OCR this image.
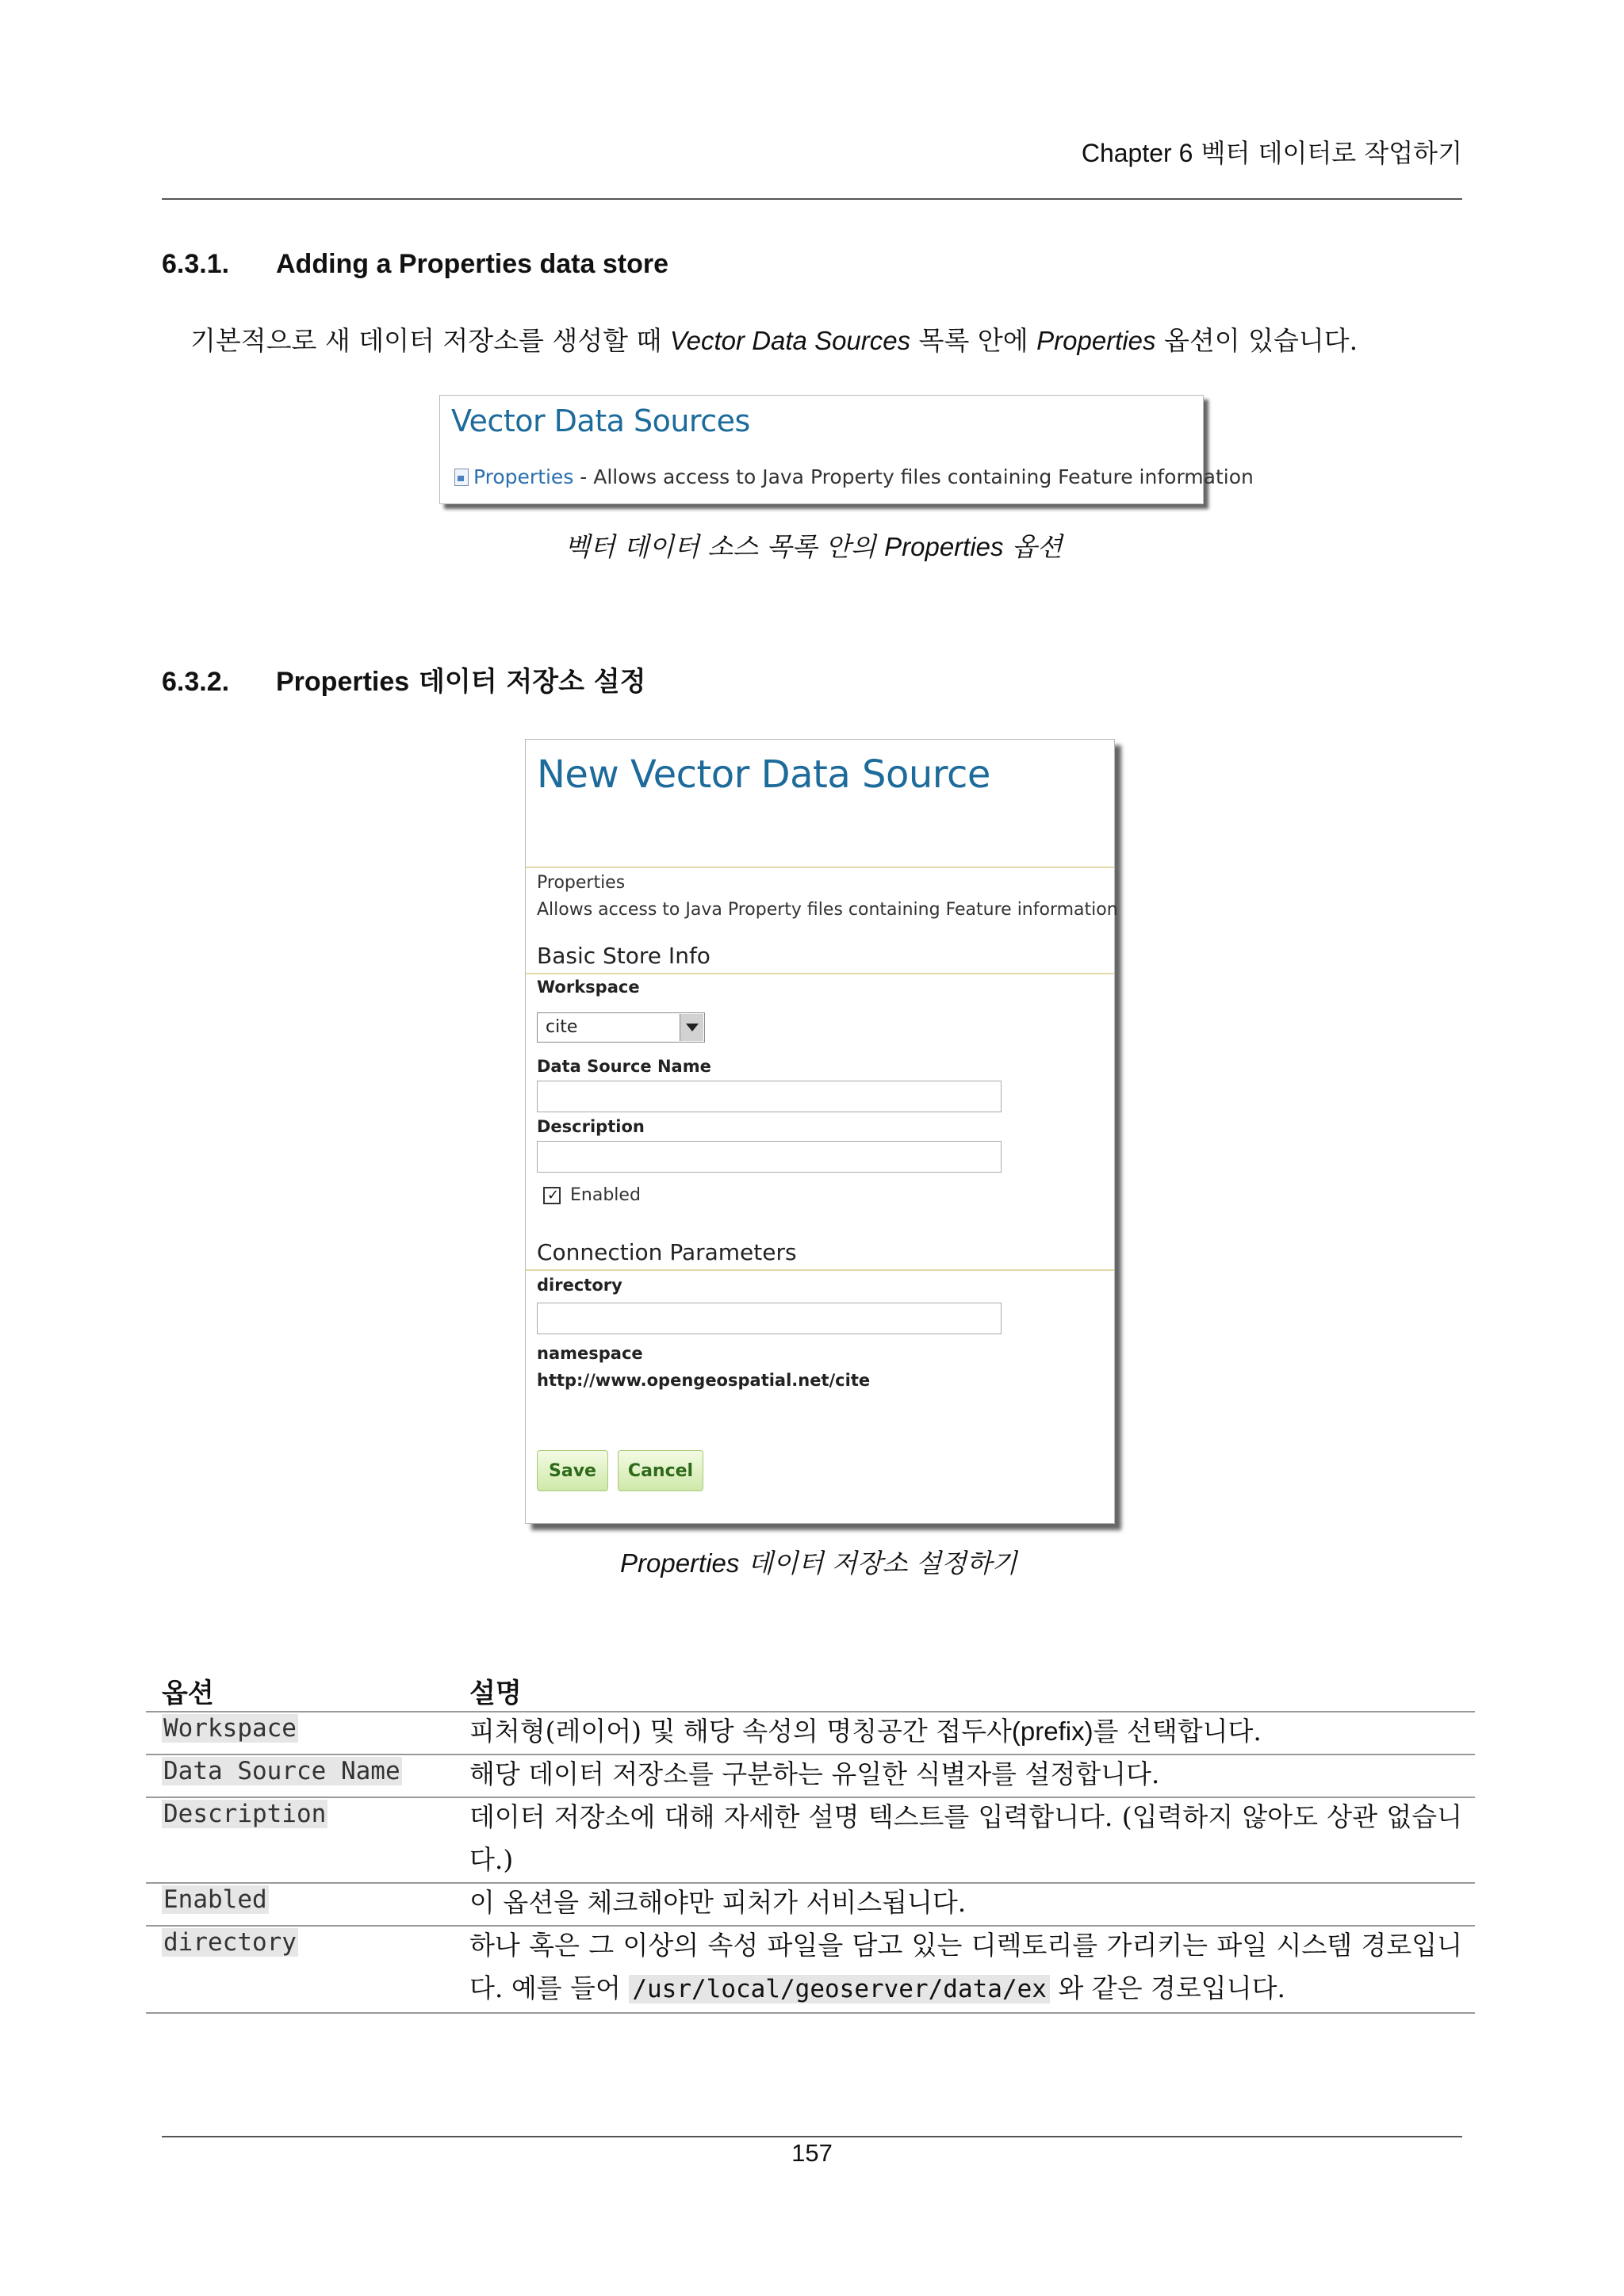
Chapter 6 벡터 데이터로 작업하기
6.3.1. Adding a Properties data store
기본적으로 새 데이터 저장소를 생성할 때 Vector Data Sources 목록 안에 Properties 옵션이 있습니다.
Vector Data Sources
Properties - Allows access to Java Property files containing Feature information
벡터 데이터 소스 목록 안의 Properties 옵션
6.3.2. Properties 데이터 저장소 설정
New Vector Data Source
Properties
Allows access to Java Property files containing Feature information
Basic Store Info
Workspace
cite
Data Source Name
Description
✓ Enabled
Connection Parameters
directory
namespace
http://www.opengeospatial.net/cite
Save	Cancel
Properties 데이터 저장소 설정하기
옵션	설명
Workspace	피처형(레이어) 및 해당 속성의 명칭공간 접두사(prefix)를 선택합니다.
Data Source Name	해당 데이터 저장소를 구분하는 유일한 식별자를 설정합니다.
Description	데이터 저장소에 대해 자세한 설명 텍스트를 입력합니다. (입력하지 않아도 상관 없습니다.)
Enabled	이 옵션을 체크해야만 피처가 서비스됩니다.
directory	하나 혹은 그 이상의 속성 파일을 담고 있는 디렉토리를 가리키는 파일 시스템 경로입니다. 예를 들어 /usr/local/geoserver/data/ex 와 같은 경로입니다.
157
